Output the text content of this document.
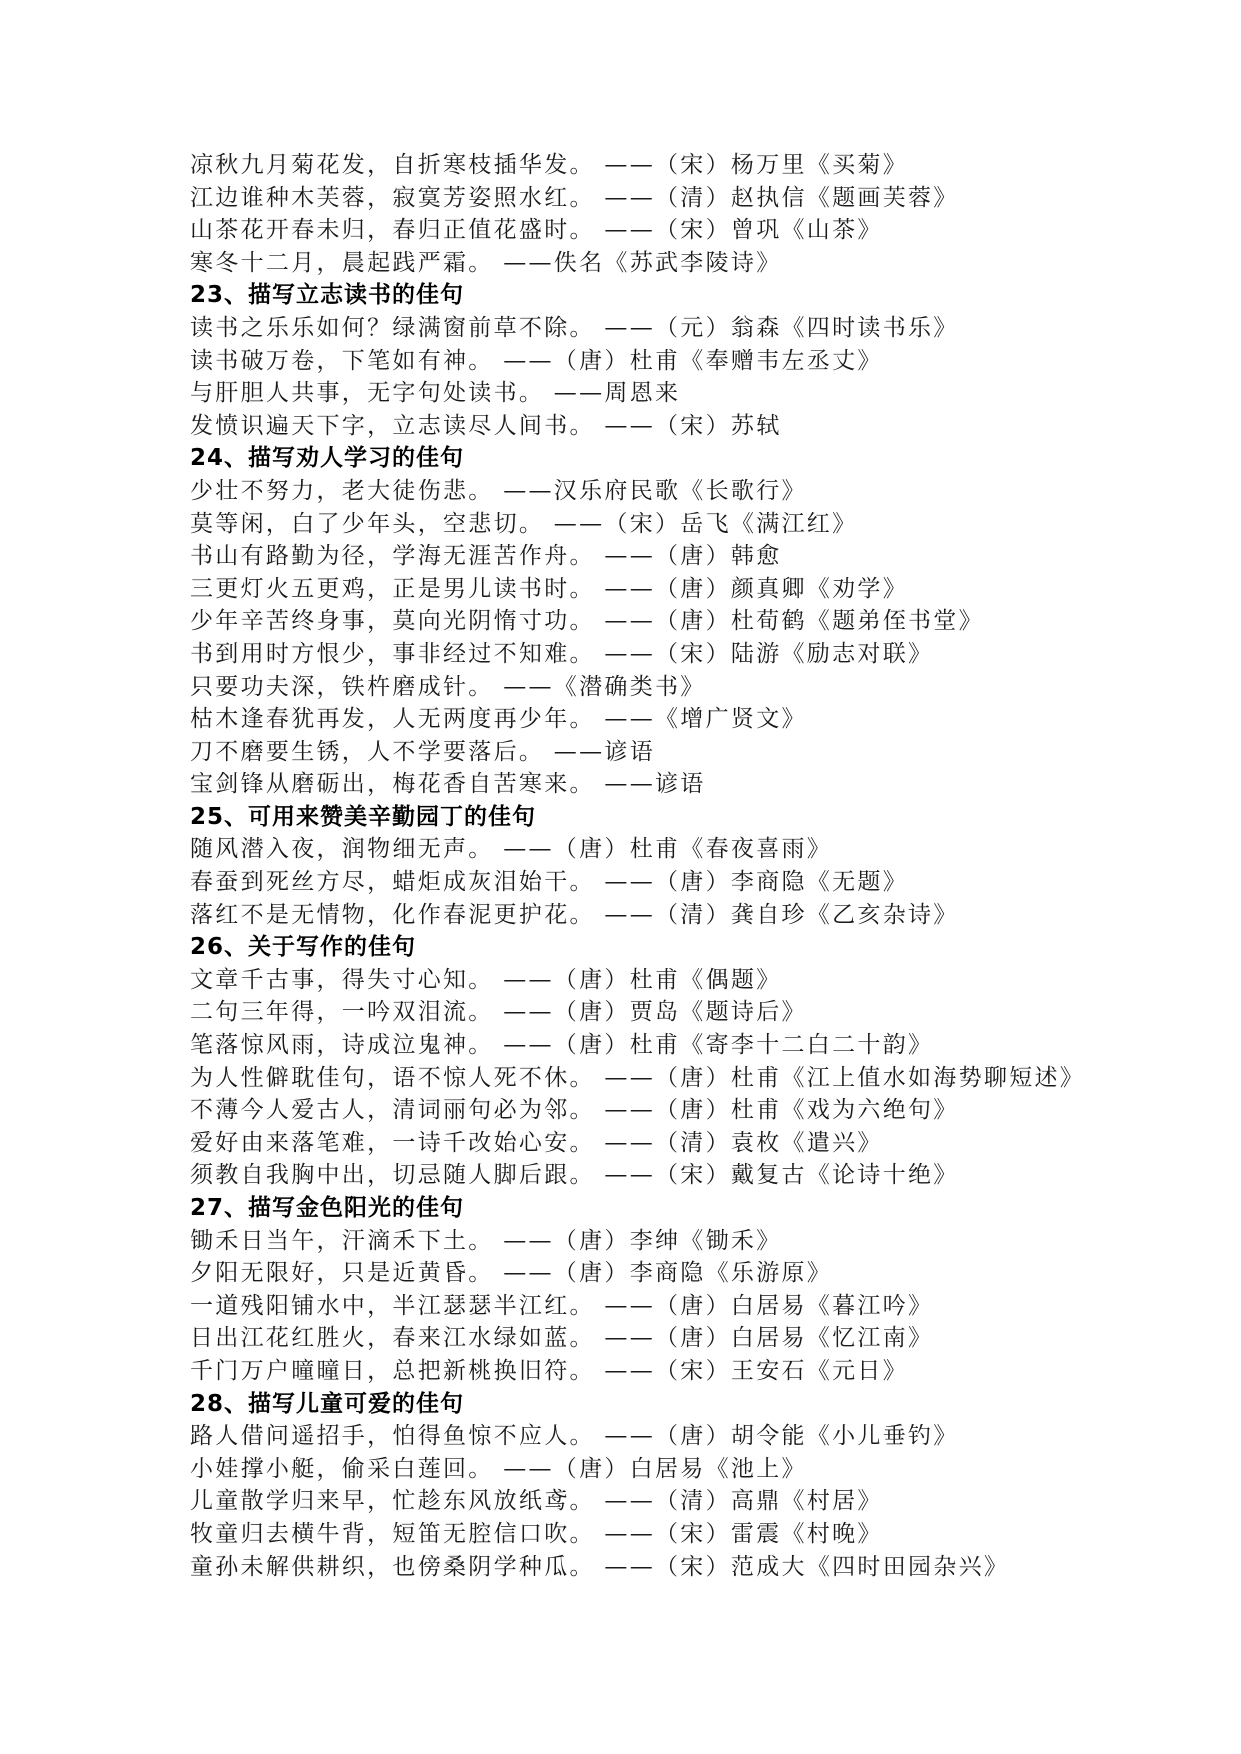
凉秋九月菊花发，自折寒枝插华发。 ——（宋）杨万里《买菊》
江边谁种木芙蓉，寂寞芳姿照水红。 ——（清）赵执信《题画芙蓉》
山茶花开春未归，春归正值花盛时。 ——（宋）曾巩《山茶》
寒冬十二月，晨起践严霜。 ——佚名《苏武李陵诗》
23、描写立志读书的佳句
读书之乐乐如何？绿满窗前草不除。 ——（元）翁森《四时读书乐》
读书破万卷，下笔如有神。 ——（唐）杜甫《奉赠韦左丞丈》
与肝胆人共事，无字句处读书。 ——周恩来
发愤识遍天下字，立志读尽人间书。 ——（宋）苏轼
24、描写劝人学习的佳句
少壮不努力，老大徒伤悲。 ——汉乐府民歌《长歌行》
莫等闲，白了少年头，空悲切。 ——（宋）岳飞《满江红》
书山有路勤为径，学海无涯苦作舟。 ——（唐）韩愈
三更灯火五更鸡，正是男儿读书时。 ——（唐）颜真卿《劝学》
少年辛苦终身事，莫向光阴惰寸功。 ——（唐）杜荀鹤《题弟侄书堂》
书到用时方恨少，事非经过不知难。 ——（宋）陆游《励志对联》
只要功夫深，铁杵磨成针。 ——《潜确类书》
枯木逢春犹再发，人无两度再少年。 ——《增广贤文》
刀不磨要生锈，人不学要落后。 ——谚语
宝剑锋从磨砺出，梅花香自苦寒来。 ——谚语
25、可用来赞美辛勤园丁的佳句
随风潜入夜，润物细无声。 ——（唐）杜甫《春夜喜雨》
春蚕到死丝方尽，蜡炬成灰泪始干。 ——（唐）李商隐《无题》
落红不是无情物，化作春泥更护花。 ——（清）龚自珍《乙亥杂诗》
26、关于写作的佳句
文章千古事，得失寸心知。 ——（唐）杜甫《偶题》
二句三年得，一吟双泪流。 ——（唐）贾岛《题诗后》
笔落惊风雨，诗成泣鬼神。 ——（唐）杜甫《寄李十二白二十韵》
为人性僻耽佳句，语不惊人死不休。 ——（唐）杜甫《江上值水如海势聊短述》
不薄今人爱古人，清词丽句必为邻。 ——（唐）杜甫《戏为六绝句》
爱好由来落笔难，一诗千改始心安。 ——（清）袁枚《遣兴》
须教自我胸中出，切忌随人脚后跟。 ——（宋）戴复古《论诗十绝》
27、描写金色阳光的佳句
锄禾日当午，汗滴禾下土。 ——（唐）李绅《锄禾》
夕阳无限好，只是近黄昏。 ——（唐）李商隐《乐游原》
一道残阳铺水中，半江瑟瑟半江红。 ——（唐）白居易《暮江吟》
日出江花红胜火，春来江水绿如蓝。 ——（唐）白居易《忆江南》
千门万户曈曈日，总把新桃换旧符。 ——（宋）王安石《元日》
28、描写儿童可爱的佳句
路人借问遥招手，怕得鱼惊不应人。 ——（唐）胡令能《小儿垂钓》
小娃撑小艇，偷采白莲回。 ——（唐）白居易《池上》
儿童散学归来早，忙趁东风放纸鸢。 ——（清）高鼎《村居》
牧童归去横牛背，短笛无腔信口吹。 ——（宋）雷震《村晚》
童孙未解供耕织，也傍桑阴学种瓜。 ——（宋）范成大《四时田园杂兴》
